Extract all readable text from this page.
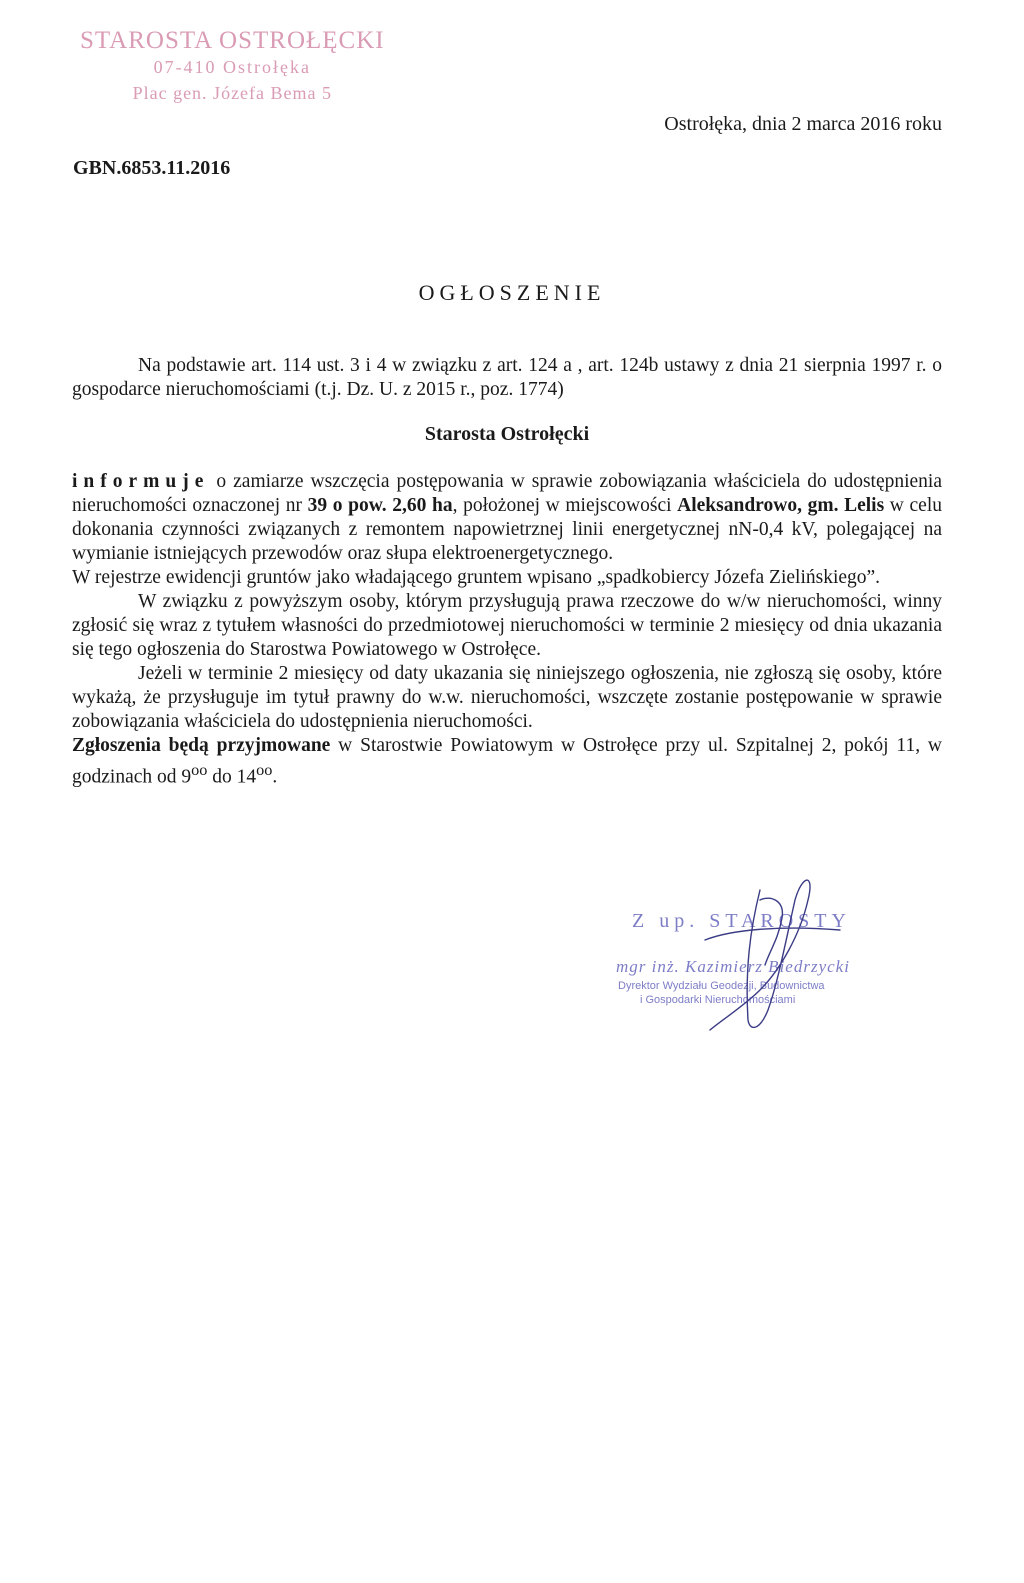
STAROSTA OSTROŁĘCKI
07-410 Ostrołęka
Plac gen. Józefa Bema 5
Ostrołęka, dnia 2 marca 2016 roku
GBN.6853.11.2016
OGŁOSZENIE

Na podstawie art. 114 ust. 3 i 4 w związku z art. 124 a , art. 124b ustawy z dnia 21 sierpnia 1997 r. o gospodarce nieruchomościami (t.j. Dz. U. z 2015 r., poz. 1774)

Starosta Ostrołęcki

informuje o zamiarze wszczęcia postępowania w sprawie zobowiązania właściciela do udostępnienia nieruchomości oznaczonej nr 39 o pow. 2,60 ha, położonej w miejscowości Aleksandrowo, gm. Lelis w celu dokonania czynności związanych z remontem napowietrznej linii energetycznej nN-0,4 kV, polegającej na wymianie istniejących przewodów oraz słupa elektroenergetycznego.

W rejestrze ewidencji gruntów jako władającego gruntem wpisano „spadkobiercy Józefa Zielińskiego”.

W związku z powyższym osoby, którym przysługują prawa rzeczowe do w/w nieruchomości, winny zgłosić się wraz z tytułem własności do przedmiotowej nieruchomości w terminie 2 miesięcy od dnia ukazania się tego ogłoszenia do Starostwa Powiatowego w Ostrołęce.

Jeżeli w terminie 2 miesięcy od daty ukazania się niniejszego ogłoszenia, nie zgłoszą się osoby, które wykażą, że przysługuje im tytuł prawny do w.w. nieruchomości, wszczęte zostanie postępowanie w sprawie zobowiązania właściciela do udostępnienia nieruchomości.

Zgłoszenia będą przyjmowane w Starostwie Powiatowym w Ostrołęce przy ul. Szpitalnej 2, pokój 11, w godzinach od $9^{oo}$ do $14^{oo}$.

Z up. STAROSTY
mgr inż. Kazimierz Biedrzycki
Dyrektor Wydziału Geodezji, Budownictwa
i Gospodarki Nieruchomościami
